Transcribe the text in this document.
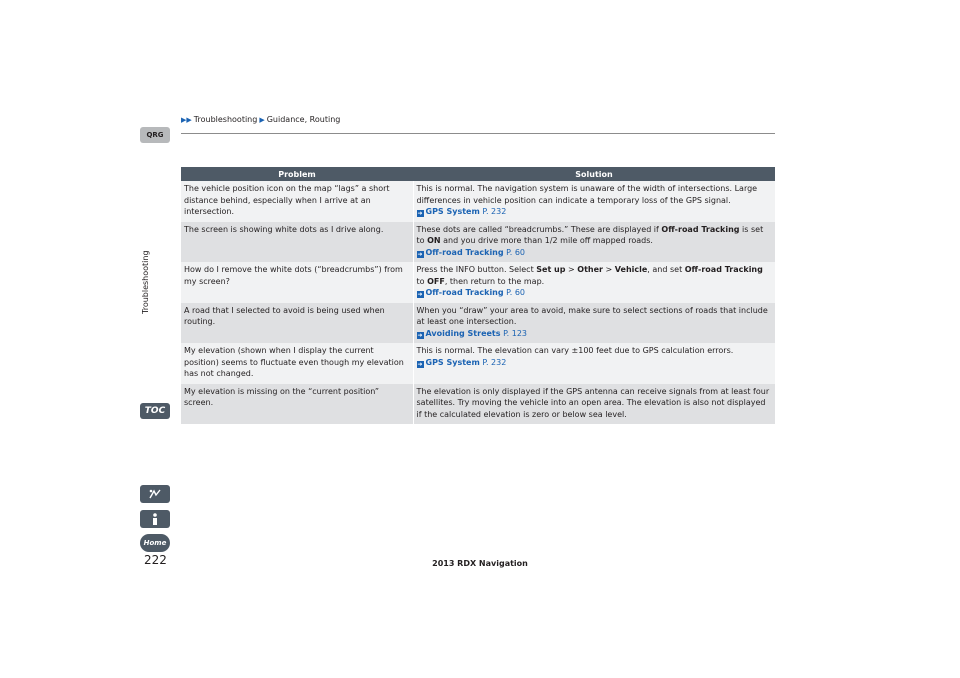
▶▶ Troubleshooting ▶ Guidance, Routing
QRG
Troubleshooting
TOC
Home
222	2013 RDX Navigation
Problem	Solution
The vehicle position icon on the map “lags” a short distance behind, especially when I arrive at an intersection.	This is normal. The navigation system is unaware of the width of intersections. Large differences in vehicle position can indicate a temporary loss of the GPS signal.
➜ GPS System P. 232
The screen is showing white dots as I drive along.	These dots are called “breadcrumbs.” These are displayed if Off-road Tracking is set to ON and you drive more than 1/2 mile off mapped roads.
➜ Off-road Tracking P. 60
How do I remove the white dots (“breadcrumbs”) from my screen?	Press the INFO button. Select Set up > Other > Vehicle, and set Off-road Tracking to OFF, then return to the map.
➜ Off-road Tracking P. 60
A road that I selected to avoid is being used when routing.	When you “draw” your area to avoid, make sure to select sections of roads that include at least one intersection.
➜ Avoiding Streets P. 123
My elevation (shown when I display the current position) seems to fluctuate even though my elevation has not changed.	This is normal. The elevation can vary ±100 feet due to GPS calculation errors.
➜ GPS System P. 232
My elevation is missing on the “current position” screen.	The elevation is only displayed if the GPS antenna can receive signals from at least four satellites. Try moving the vehicle into an open area. The elevation is also not displayed if the calculated elevation is zero or below sea level.
